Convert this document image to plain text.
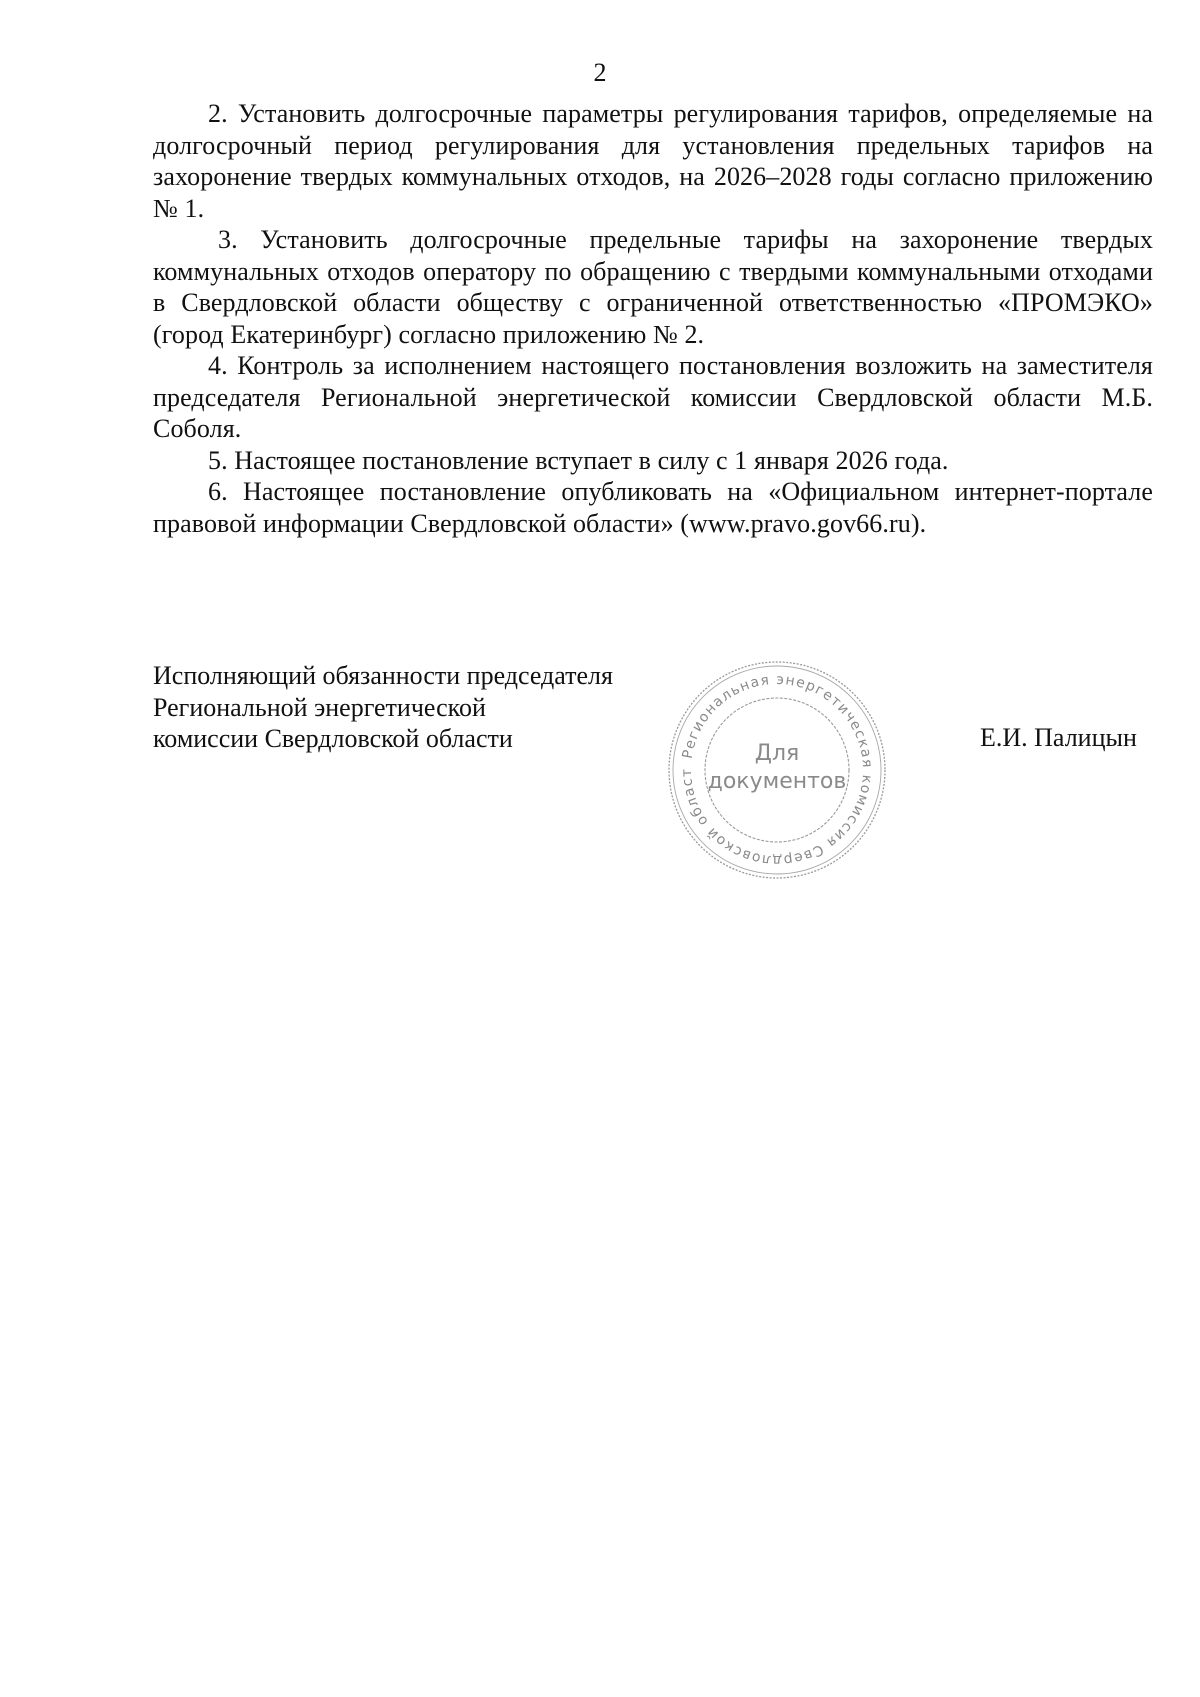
2

2. Установить долгосрочные параметры регулирования тарифов, определяемые на долгосрочный период регулирования для установления предельных тарифов на захоронение твердых коммунальных отходов, на 2026–2028 годы согласно приложению № 1.

3. Установить долгосрочные предельные тарифы на захоронение твердых коммунальных отходов оператору по обращению с твердыми коммунальными отходами в Свердловской области обществу с ограниченной ответственностью «ПРОМЭКО» (город Екатеринбург) согласно приложению № 2.

4. Контроль за исполнением настоящего постановления возложить на заместителя председателя Региональной энергетической комиссии Свердловской области М.Б. Соболя.

5. Настоящее постановление вступает в силу с 1 января 2026 года.

6. Настоящее постановление опубликовать на «Официальном интернет-портале правовой информации Свердловской области» (www.pravo.gov66.ru).

Исполняющий обязанности председателя
Региональной энергетической
комиссии Свердловской области	Е.И. Палицын
Региональная энергетическая комиссия Свердловской област
Для
документов
